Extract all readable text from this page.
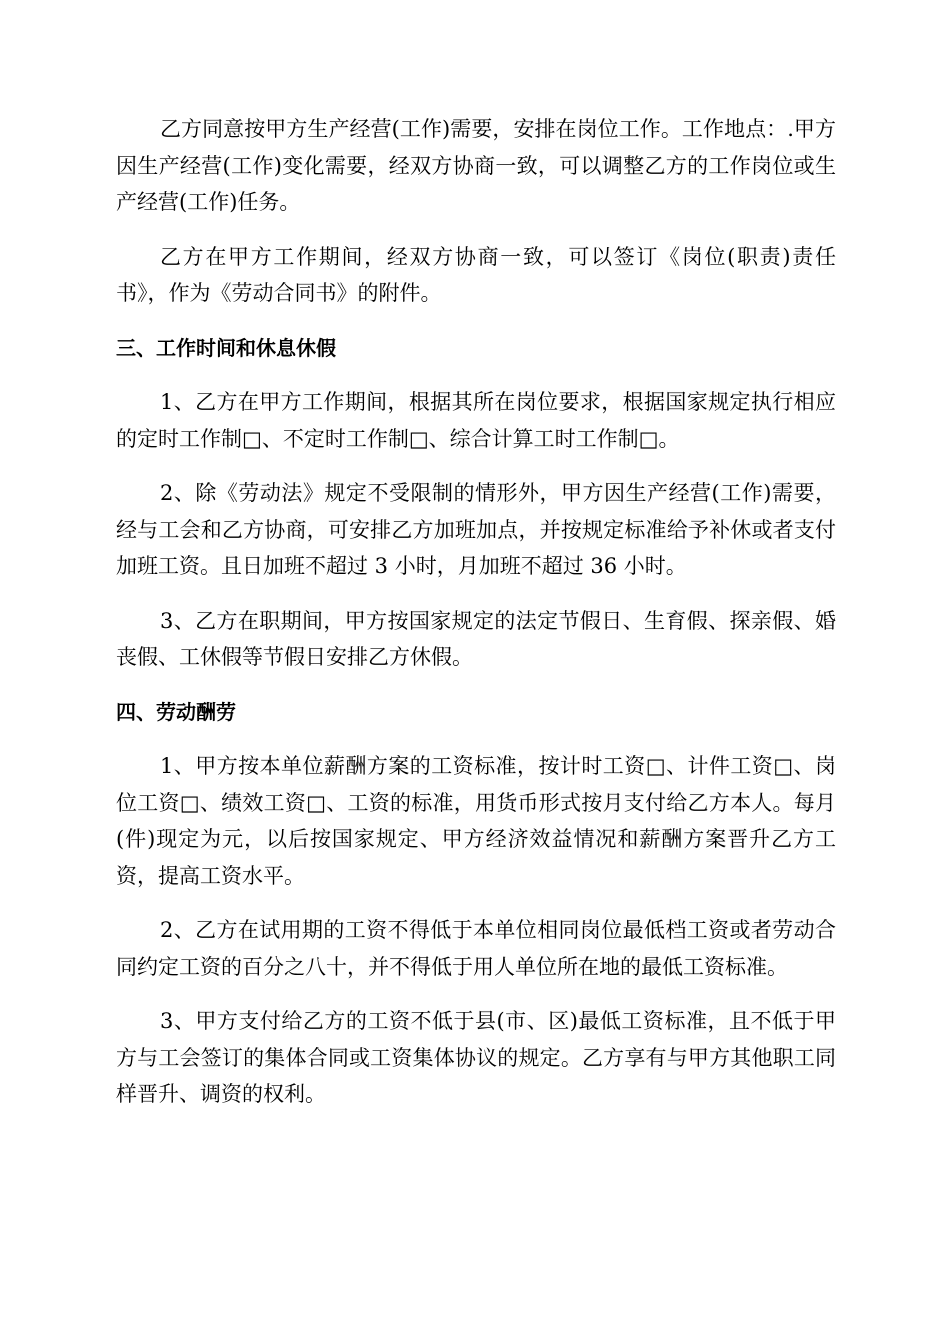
乙方同意按甲方生产经营(工作)需要，安排在岗位工作。工作地点：.甲方因生产经营(工作)变化需要，经双方协商一致，可以调整乙方的工作岗位或生产经营(工作)任务。

乙方在甲方工作期间，经双方协商一致，可以签订《岗位(职责)责任书》，作为《劳动合同书》的附件。

三、工作时间和休息休假

1、乙方在甲方工作期间，根据其所在岗位要求，根据国家规定执行相应的定时工作制□、不定时工作制□、综合计算工时工作制□。

2、除《劳动法》规定不受限制的情形外，甲方因生产经营(工作)需要，经与工会和乙方协商，可安排乙方加班加点，并按规定标准给予补休或者支付加班工资。且日加班不超过 3 小时，月加班不超过 36 小时。

3、乙方在职期间，甲方按国家规定的法定节假日、生育假、探亲假、婚丧假、工休假等节假日安排乙方休假。

四、劳动酬劳

1、甲方按本单位薪酬方案的工资标准，按计时工资□、计件工资□、岗位工资□、绩效工资□、工资的标准，用货币形式按月支付给乙方本人。每月(件)现定为元，以后按国家规定、甲方经济效益情况和薪酬方案晋升乙方工资，提高工资水平。

2、乙方在试用期的工资不得低于本单位相同岗位最低档工资或者劳动合同约定工资的百分之八十，并不得低于用人单位所在地的最低工资标准。

3、甲方支付给乙方的工资不低于县(市、区)最低工资标准，且不低于甲方与工会签订的集体合同或工资集体协议的规定。乙方享有与甲方其他职工同样晋升、调资的权利。
